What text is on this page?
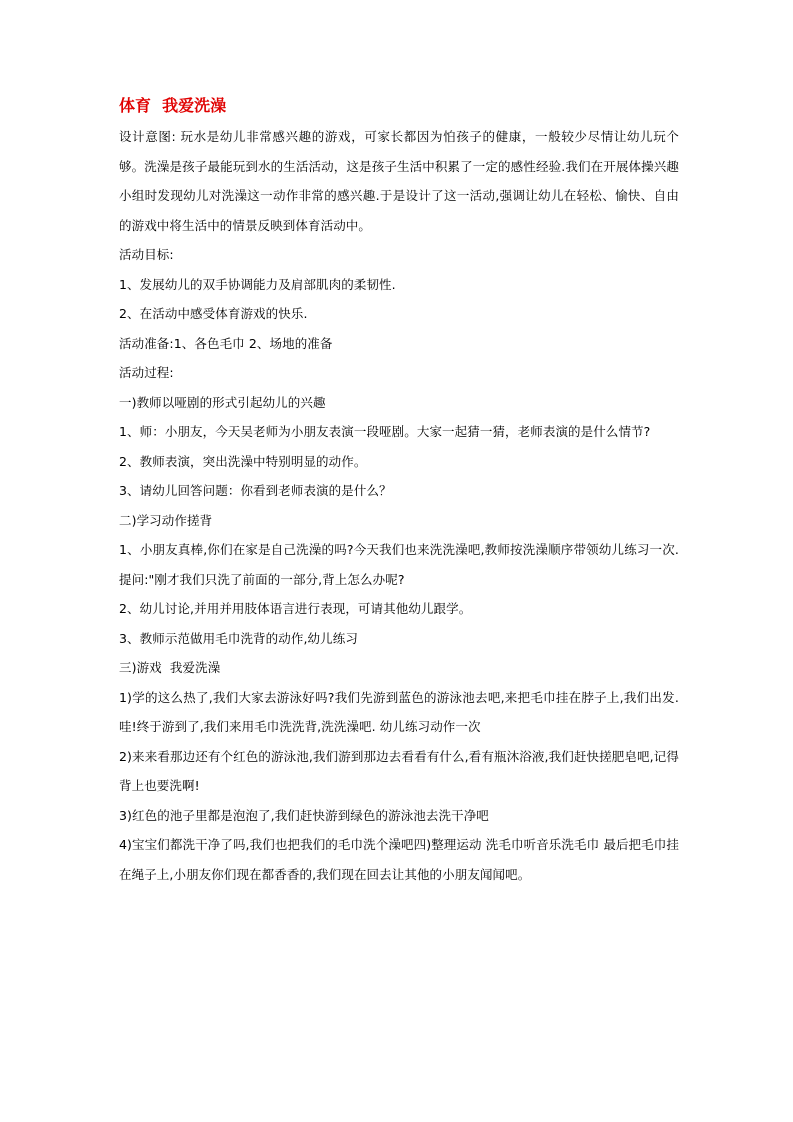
体育  我爱洗澡

设计意图: 玩水是幼儿非常感兴趣的游戏，可家长都因为怕孩子的健康，一般较少尽情让幼儿玩个够。洗澡是孩子最能玩到水的生活活动，这是孩子生活中积累了一定的感性经验.我们在开展体操兴趣小组时发现幼儿对洗澡这一动作非常的感兴趣.于是设计了这一活动,强调让幼儿在轻松、愉快、自由的游戏中将生活中的情景反映到体育活动中。

活动目标:

1、发展幼儿的双手协调能力及肩部肌肉的柔韧性.

2、在活动中感受体育游戏的快乐.

活动准备:1、各色毛巾 2、场地的准备

活动过程:

一)教师以哑剧的形式引起幼儿的兴趣

1、师：小朋友，今天吴老师为小朋友表演一段哑剧。大家一起猜一猜，老师表演的是什么情节?

2、教师表演，突出洗澡中特别明显的动作。

3、请幼儿回答问题：你看到老师表演的是什么？

二)学习动作搓背

1、小朋友真棒,你们在家是自己洗澡的吗?今天我们也来洗洗澡吧,教师按洗澡顺序带领幼儿练习一次.提问:"刚才我们只洗了前面的一部分,背上怎么办呢?

2、幼儿讨论,并用并用肢体语言进行表现，可请其他幼儿跟学。

3、教师示范做用毛巾洗背的动作,幼儿练习

三)游戏  我爱洗澡

1)学的这么热了,我们大家去游泳好吗?我们先游到蓝色的游泳池去吧,来把毛巾挂在脖子上,我们出发.哇!终于游到了,我们来用毛巾洗洗背,洗洗澡吧. 幼儿练习动作一次

2)来来看那边还有个红色的游泳池,我们游到那边去看看有什么,看有瓶沐浴液,我们赶快搓肥皂吧,记得背上也要洗啊!

3)红色的池子里都是泡泡了,我们赶快游到绿色的游泳池去洗干净吧

4)宝宝们都洗干净了吗,我们也把我们的毛巾洗个澡吧四)整理运动 洗毛巾听音乐洗毛巾 最后把毛巾挂在绳子上,小朋友你们现在都香香的,我们现在回去让其他的小朋友闻闻吧。
